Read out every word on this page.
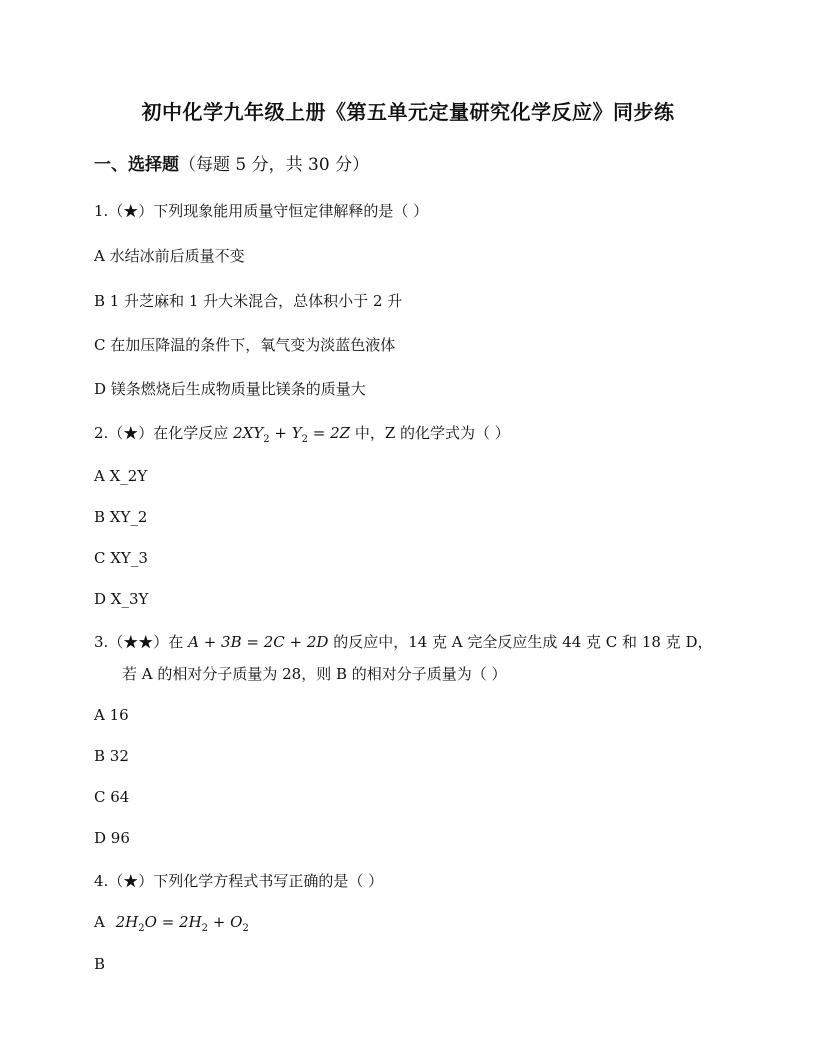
初中化学九年级上册《第五单元定量研究化学反应》同步练
一、选择题（每题 5 分，共 30 分）
1.（★）下列现象能用质量守恒定律解释的是（ ）
A 水结冰前后质量不变
B 1 升芝麻和 1 升大米混合，总体积小于 2 升
C 在加压降温的条件下，氧气变为淡蓝色液体
D 镁条燃烧后生成物质量比镁条的质量大
2.（★）在化学反应 $2XY_2 + Y_2 = 2Z$ 中，Z 的化学式为（ ）
A X_2Y
B XY_2
C XY_3
D X_3Y
3.（★★）在 A + 3B = 2C + 2D 的反应中，14 克 A 完全反应生成 44 克 C 和 18 克 D，
若 A 的相对分子质量为 28，则 B 的相对分子质量为（ ）
A 16
B 32
C 64
D 96
4.（★）下列化学方程式书写正确的是（ ）
A $2H_2O = 2H_2 + O_2$
B
